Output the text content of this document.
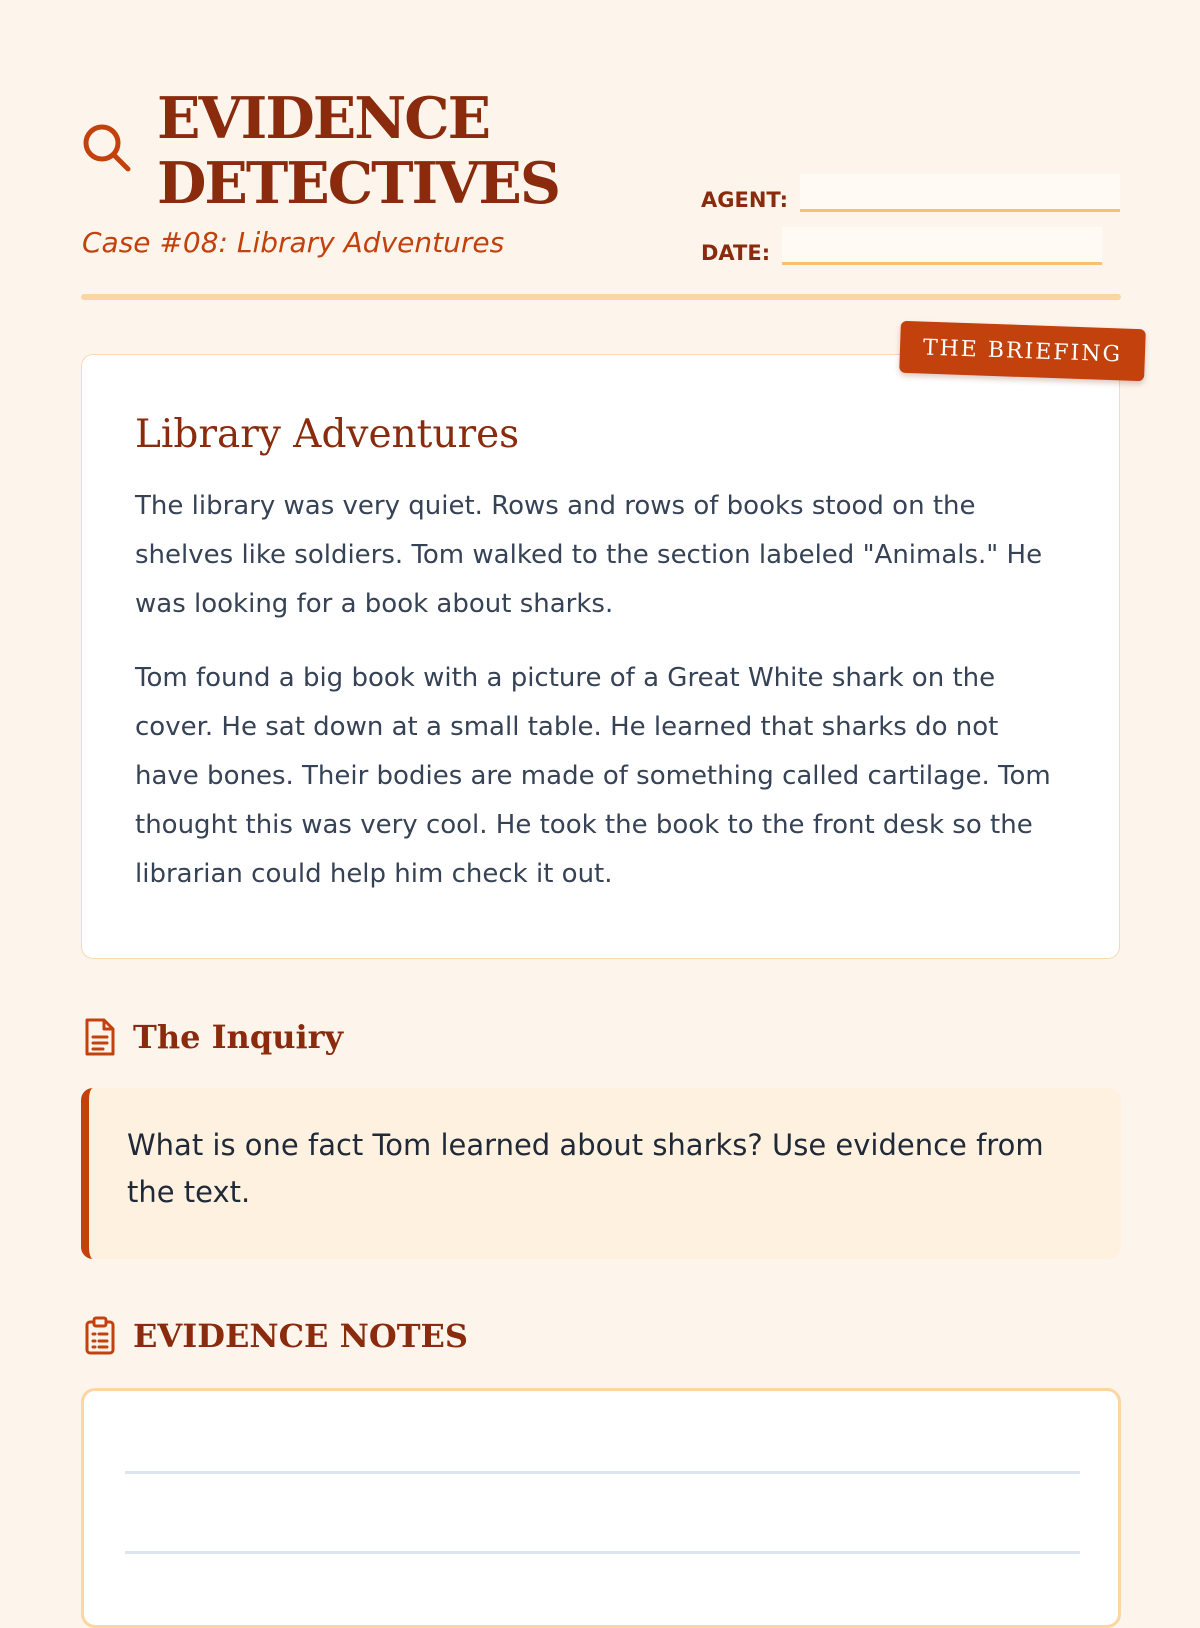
EVIDENCE
DETECTIVES
Case #08: Library Adventures
AGENT:
DATE:
Library Adventures

The library was very quiet. Rows and rows of books stood on the shelves like soldiers. Tom walked to the section labeled "Animals." He was looking for a book about sharks.

Tom found a big book with a picture of a Great White shark on the cover. He sat down at a small table. He learned that sharks do not have bones. Their bodies are made of something called cartilage. Tom thought this was very cool. He took the book to the front desk so the librarian could help him check it out.

THE BRIEFING
The Inquiry

What is one fact Tom learned about sharks? Use evidence from the text.

EVIDENCE NOTES
